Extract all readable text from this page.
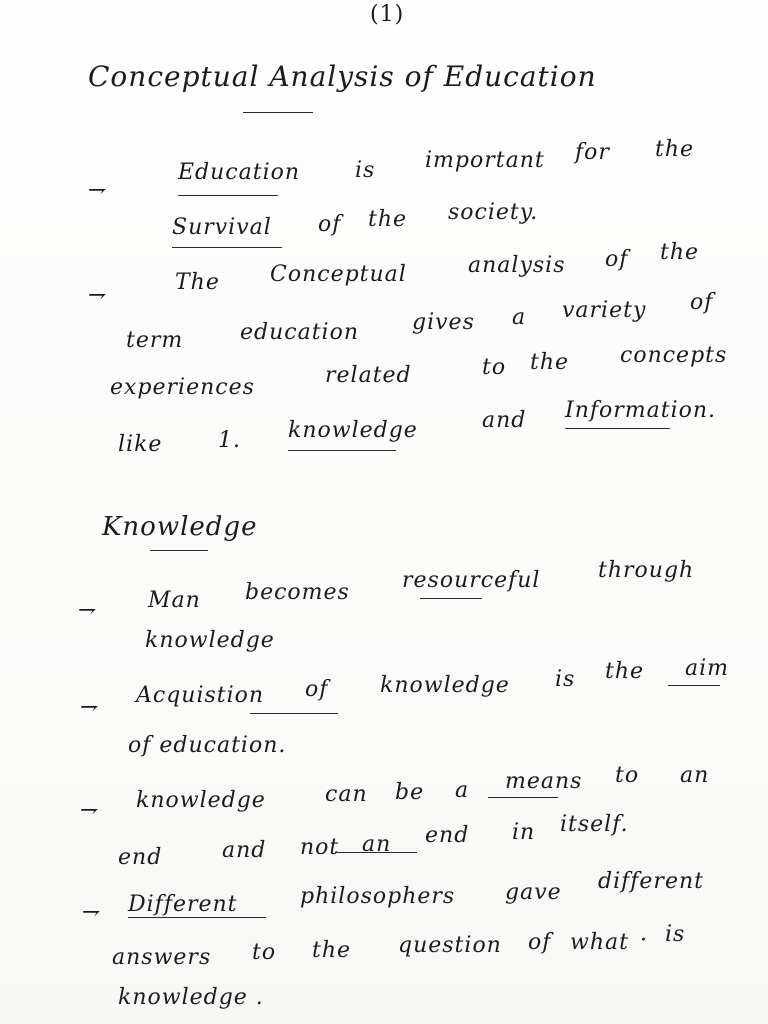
(1)
Conceptual Analysis of Education
⇁
Education is important for the
Survival of the society.
⇁
The Conceptual	analysis of the
term	education gives a variety of
experiences	related	to the concepts
like	1. knowledge	and Information.
Knowledge
⇁ Man becomes resourceful	through
knowledge
⇁ Acquistion of knowledge is the aim
of education.
⇁ knowledge	can be a means to an
end	and not an end in itself.
⇁ Different	philosophers gave different
answers to the question of what · is
knowledge .
